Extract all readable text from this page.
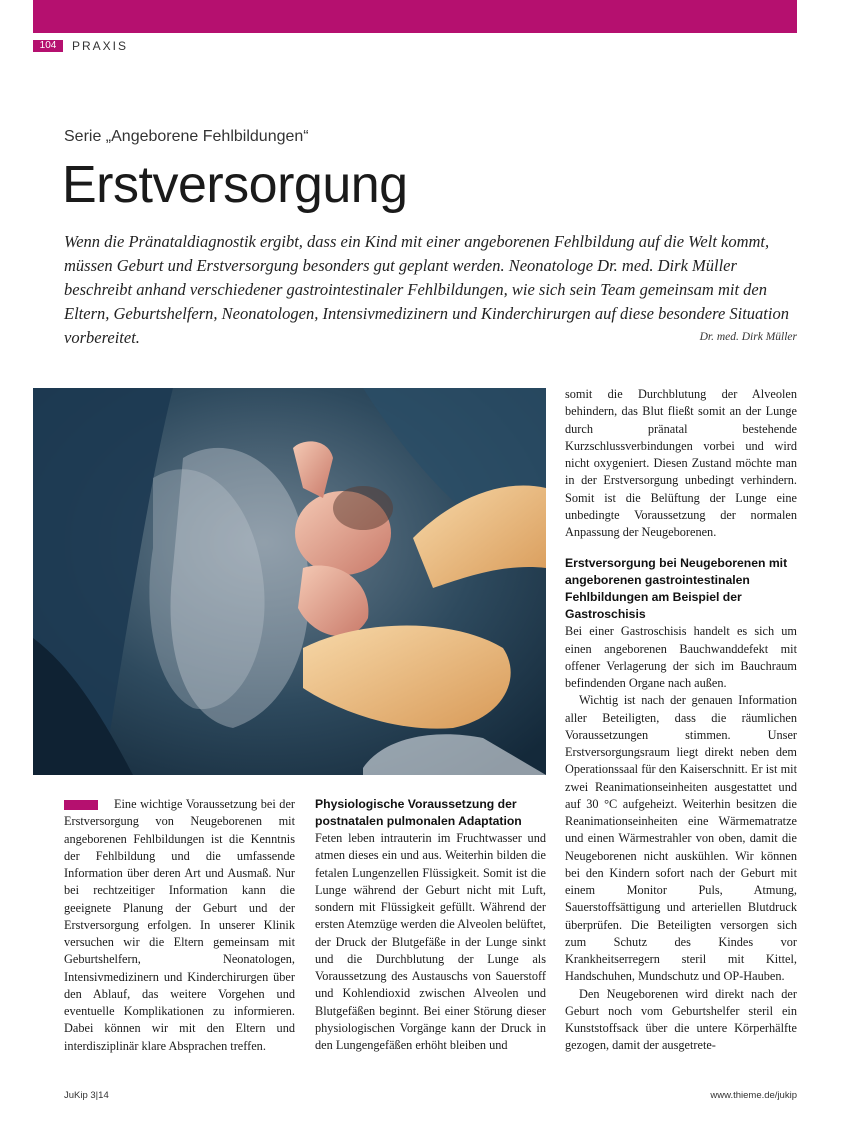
104	PRAXIS
Serie „Angeborene Fehlbildungen“
Erstversorgung

Wenn die Pränataldiagnostik ergibt, dass ein Kind mit einer angeborenen Fehlbildung auf die Welt kommt, müssen Geburt und Erstversorgung besonders gut geplant werden. Neonatologe Dr. med. Dirk Müller beschreibt anhand verschiedener gastrointestinaler Fehlbildungen, wie sich sein Team gemeinsam mit den Eltern, Geburtshelfern, Neonatologen, Intensivmedizinern und Kinderchirurgen auf diese besondere Situation vorbereitet.	Dr. med. Dirk Müller

Eine wichtige Voraussetzung bei der Erstversorgung von Neugeborenen mit angeborenen Fehlbildungen ist die Kenntnis der Fehlbildung und die umfassende Information über deren Art und Ausmaß. Nur bei rechtzeitiger Information kann die geeignete Planung der Geburt und der Erstversorgung erfolgen. In unserer Klinik versuchen wir die Eltern gemeinsam mit Geburtshelfern, Neonatologen, Intensivmedizinern und Kinderchirurgen über den Ablauf, das weitere Vorgehen und eventuelle Komplikationen zu informieren. Dabei können wir mit den Eltern und interdisziplinär klare Absprachen treffen.

Physiologische Voraussetzung der postnatalen pulmonalen Adaptation

Feten leben intrauterin im Fruchtwasser und atmen dieses ein und aus. Weiterhin bilden die fetalen Lungenzellen Flüssigkeit. Somit ist die Lunge während der Geburt nicht mit Luft, sondern mit Flüssigkeit gefüllt. Während der ersten Atemzüge werden die Alveolen belüftet, der Druck der Blutgefäße in der Lunge sinkt und die Durchblutung der Lunge als Voraussetzung des Austauschs von Sauerstoff und Kohlendioxid zwischen Alveolen und Blutgefäßen beginnt. Bei einer Störung dieser physiologischen Vorgänge kann der Druck in den Lungengefäßen erhöht bleiben und

somit die Durchblutung der Alveolen behindern, das Blut fließt somit an der Lunge durch pränatal bestehende Kurzschlussverbindungen vorbei und wird nicht oxygeniert. Diesen Zustand möchte man in der Erstversorgung unbedingt verhindern. Somit ist die Belüftung der Lunge eine unbedingte Voraussetzung der normalen Anpassung der Neugeborenen.

Erstversorgung bei Neugeborenen mit angeborenen gastrointestinalen Fehlbildungen am Beispiel der Gastroschisis

Bei einer Gastroschisis handelt es sich um einen angeborenen Bauchwanddefekt mit offener Verlagerung der sich im Bauchraum befindenden Organe nach außen.

Wichtig ist nach der genauen Information aller Beteiligten, dass die räumlichen Voraussetzungen stimmen. Unser Erstversorgungsraum liegt direkt neben dem Operationssaal für den Kaiserschnitt. Er ist mit zwei Reanimationseinheiten ausgestattet und auf 30 °C aufgeheizt. Weiterhin besitzen die Reanimationseinheiten eine Wärmematratze und einen Wärmestrahler von oben, damit die Neugeborenen nicht auskühlen. Wir können bei den Kindern sofort nach der Geburt mit einem Monitor Puls, Atmung, Sauerstoffsättigung und arteriellen Blutdruck überprüfen. Die Beteiligten versorgen sich zum Schutz des Kindes vor Krankheitserregern steril mit Kittel, Handschuhen, Mundschutz und OP-Hauben.

Den Neugeborenen wird direkt nach der Geburt noch vom Geburtshelfer steril ein Kunststoffsack über die untere Körperhälfte gezogen, damit der ausgetrete-

JuKip 3|14	www.thieme.de/jukip
